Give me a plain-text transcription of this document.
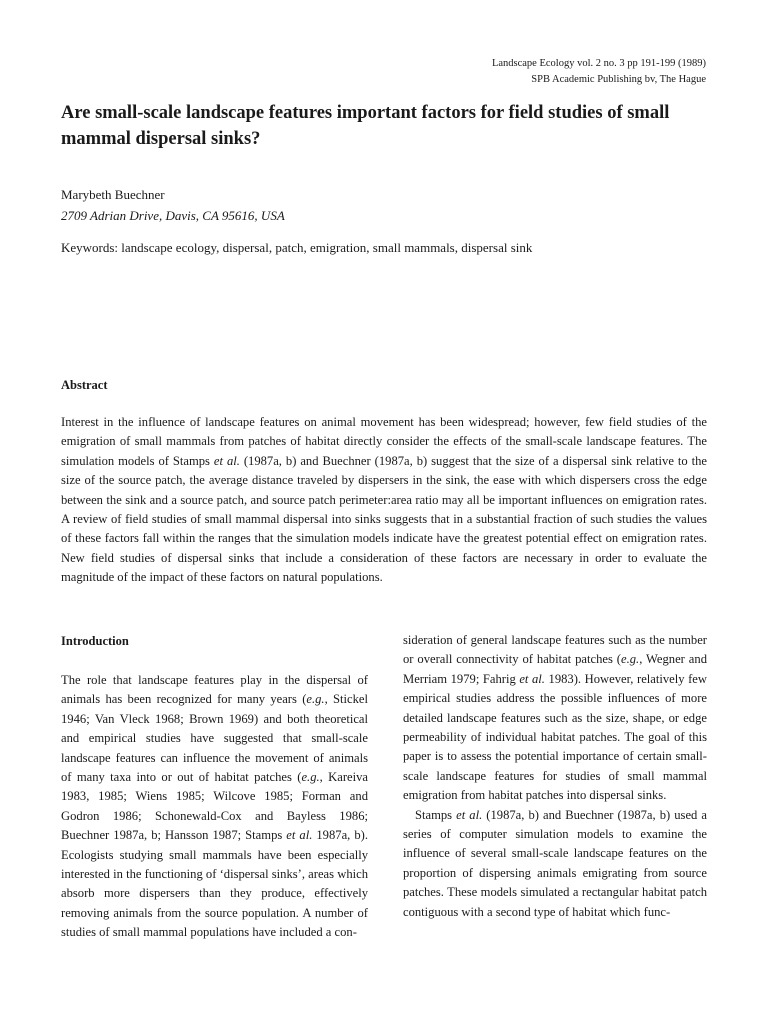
Landscape Ecology vol. 2 no. 3 pp 191-199 (1989)
SPB Academic Publishing bv, The Hague
Are small-scale landscape features important factors for field studies of small mammal dispersal sinks?
Marybeth Buechner
2709 Adrian Drive, Davis, CA 95616, USA
Keywords: landscape ecology, dispersal, patch, emigration, small mammals, dispersal sink
Abstract

Interest in the influence of landscape features on animal movement has been widespread; however, few field studies of the emigration of small mammals from patches of habitat directly consider the effects of the small-scale landscape features. The simulation models of Stamps et al. (1987a, b) and Buechner (1987a, b) suggest that the size of a dispersal sink relative to the size of the source patch, the average distance traveled by dispersers in the sink, the ease with which dispersers cross the edge between the sink and a source patch, and source patch perimeter:area ratio may all be important influences on emigration rates. A review of field studies of small mammal dispersal into sinks suggests that in a substantial fraction of such studies the values of these factors fall within the ranges that the simulation models indicate have the greatest potential effect on emigration rates. New field studies of dispersal sinks that include a consideration of these factors are necessary in order to evaluate the magnitude of the impact of these factors on natural populations.

Introduction

The role that landscape features play in the dispersal of animals has been recognized for many years (e.g., Stickel 1946; Van Vleck 1968; Brown 1969) and both theoretical and empirical studies have suggested that small-scale landscape features can influence the movement of animals of many taxa into or out of habitat patches (e.g., Kareiva 1983, 1985; Wiens 1985; Wilcove 1985; Forman and Godron 1986; Schonewald-Cox and Bayless 1986; Buechner 1987a, b; Hansson 1987; Stamps et al. 1987a, b). Ecologists studying small mammals have been especially interested in the functioning of ‘dispersal sinks’, areas which absorb more dispersers than they produce, effectively removing animals from the source population. A number of studies of small mammal populations have included a con-

sideration of general landscape features such as the number or overall connectivity of habitat patches (e.g., Wegner and Merriam 1979; Fahrig et al. 1983). However, relatively few empirical studies address the possible influences of more detailed landscape features such as the size, shape, or edge permeability of individual habitat patches. The goal of this paper is to assess the potential importance of certain small-scale landscape features for studies of small mammal emigration from habitat patches into dispersal sinks.

Stamps et al. (1987a, b) and Buechner (1987a, b) used a series of computer simulation models to examine the influence of several small-scale landscape features on the proportion of dispersing animals emigrating from source patches. These models simulated a rectangular habitat patch contiguous with a second type of habitat which func-
